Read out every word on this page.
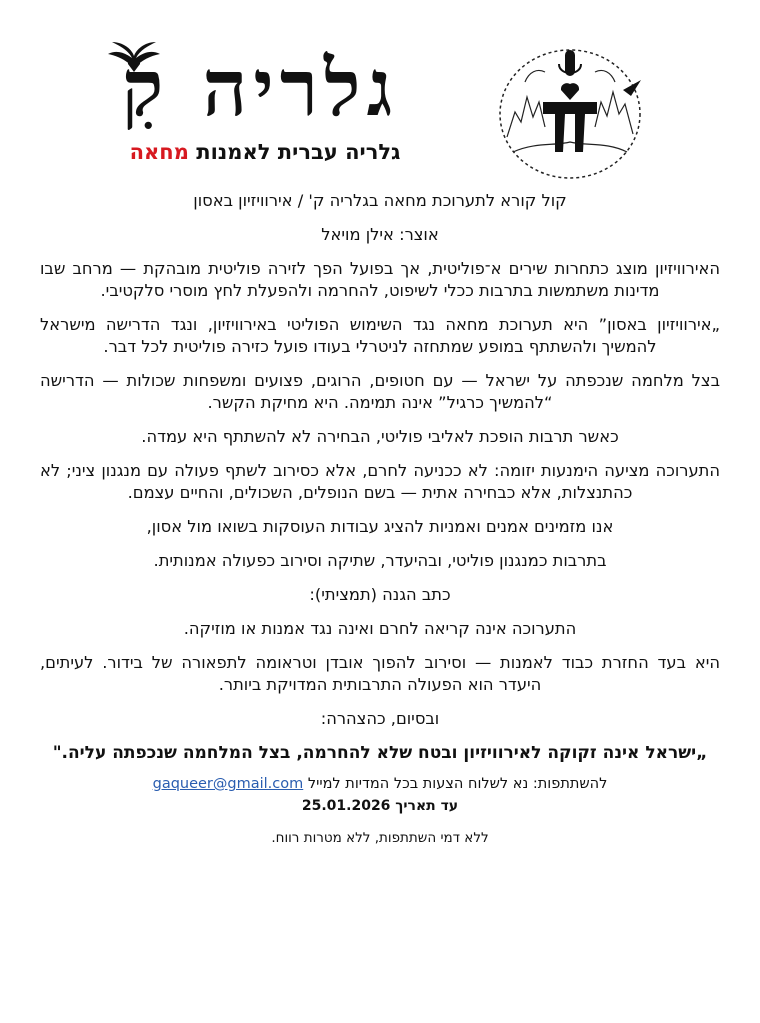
גלריה קִ
גלריה עברית לאמנות מחאה

קול קורא לתערוכת מחאה בגלריה ק' / אירוויזיון באסון

אוצר: אילן מויאל

האירוויזיון מוצג כתחרות שירים א־פוליטית, אך בפועל הפך לזירה פוליטית מובהקת — מרחב שבו מדינות משתמשות בתרבות ככלי לשיפוט, להחרמה ולהפעלת לחץ מוסרי סלקטיבי.

„אירוויזיון באסון” היא תערוכת מחאה נגד השימוש הפוליטי באירוויזיון, ונגד הדרישה מישראל להמשיך ולהשתתף במופע שמתחזה לניטרלי בעודו פועל כזירה פוליטית לכל דבר.

בצל מלחמה שנכפתה על ישראל — עם חטופים, הרוגים, פצועים ומשפחות שכולות — הדרישה “להמשיך כרגיל” אינה תמימה. היא מחיקת הקשר.

כאשר תרבות הופכת לאליבי פוליטי, הבחירה לא להשתתף היא עמדה.

התערוכה מציעה הימנעות יזומה: לא ככניעה לחרם, אלא כסירוב לשתף פעולה עם מנגנון ציני; לא כהתנצלות, אלא כבחירה אתית — בשם הנופלים, השכולים, והחיים עצמם.

אנו מזמינים אמנים ואמניות להציג עבודות העוסקות בשואו מול אסון,

בתרבות כמנגנון פוליטי, ובהיעדר, שתיקה וסירוב כפעולה אמנותית.

כתב הגנה (תמציתי):

התערוכה אינה קריאה לחרם ואינה נגד אמנות או מוזיקה.

היא בעד החזרת כבוד לאמנות — וסירוב להפוך אובדן וטראומה לתפאורה של בידור. לעיתים, היעדר הוא הפעולה התרבותית המדויקת ביותר.

ובסיום, כהצהרה:

„ישראל אינה זקוקה לאירוויזיון ובטח שלא להחרמה, בצל המלחמה שנכפתה עליה."

להשתתפות: נא לשלוח הצעות בכל המדיות למייל gaqueer@gmail.com
עד תאריך 25.01.2026
ללא דמי השתתפות, ללא מטרות רווח.
